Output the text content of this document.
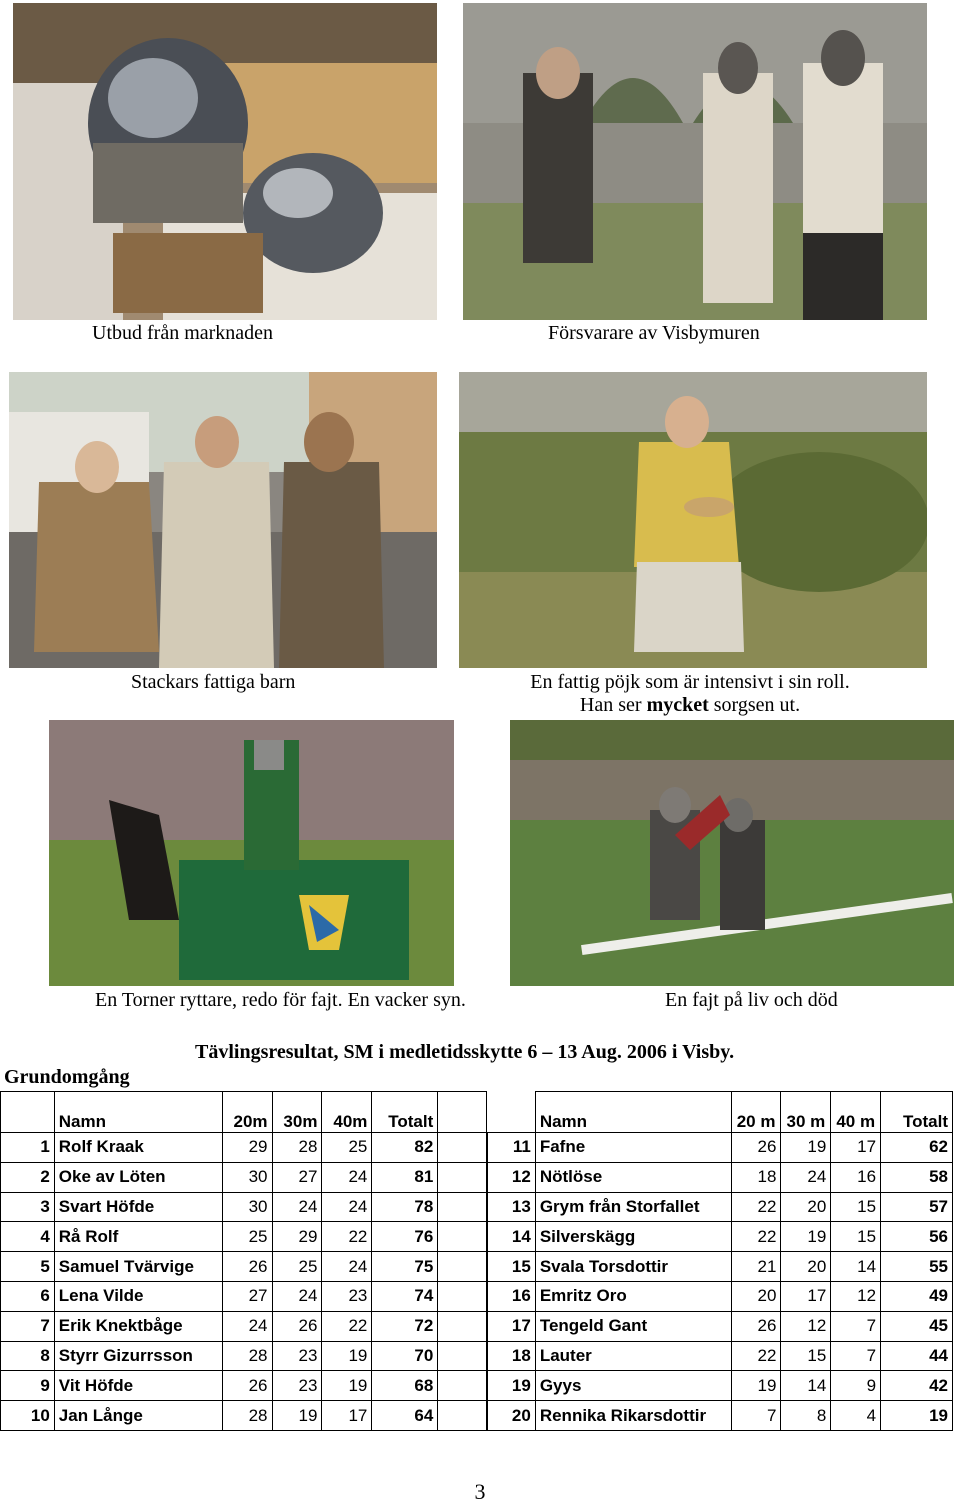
Utbud från marknaden	Försvarare av Visbymuren
Stackars fattiga barn	En fattig pöjk som är intensivt i sin roll.
Han ser mycket sorgsen ut.
En Torner ryttare, redo för fajt. En vacker syn.	En fajt på liv och död
Tävlingsresultat, SM i medletidsskytte 6 – 13 Aug. 2006 i Visby.
Grundomgång
	Namn	20m	30m	40m	Totalt	
1	Rolf Kraak	29	28	25	82	
2	Oke av Löten	30	27	24	81	
3	Svart Höfde	30	24	24	78	
4	Rå Rolf	25	29	22	76	
5	Samuel Tvärvige	26	25	24	75	
6	Lena Vilde	27	24	23	74	
7	Erik Knektbåge	24	26	22	72	
8	Styrr Gizurrsson	28	23	19	70	
9	Vit Höfde	26	23	19	68	
10	Jan Långe	28	19	17	64	
	Namn	20 m	30 m	40 m	Totalt
11	Fafne	26	19	17	62
12	Nötlöse	18	24	16	58
13	Grym från Storfallet	22	20	15	57
14	Silverskägg	22	19	15	56
15	Svala Torsdottir	21	20	14	55
16	Emritz Oro	20	17	12	49
17	Tengeld Gant	26	12	7	45
18	Lauter	22	15	7	44
19	Gyys	19	14	9	42
20	Rennika Rikarsdottir	7	8	4	19
3
